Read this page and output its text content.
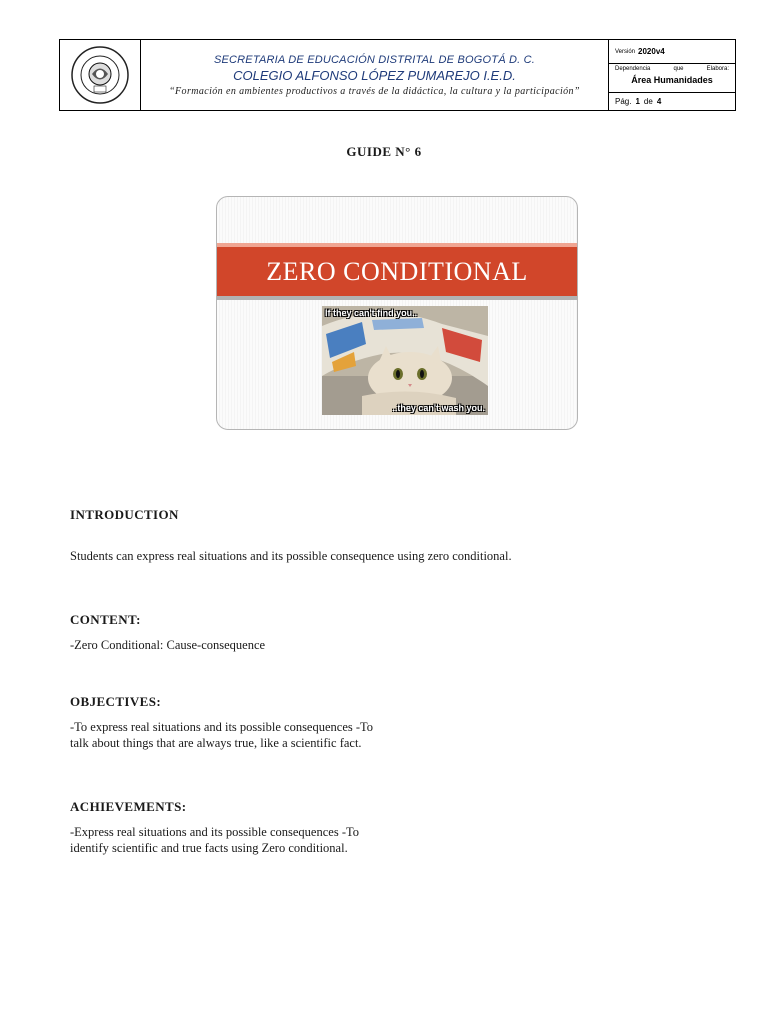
SECRETARIA DE EDUCACIÓN DISTRITAL DE BOGOTÁ D. C.
COLEGIO ALFONSO LÓPEZ PUMAREJO I.E.D.
“Formación en ambientes productivos a través de la didáctica, la cultura y la participación”
Versión 2020v4
Dependencia	que	Elabora:
Área Humanidades
Pág. 1 de 4
GUIDE N° 6
ZERO CONDITIONAL
If they can't find you..
..they can't wash you.
INTRODUCTION
Students can express real situations and its possible consequence using zero conditional.
CONTENT:
-Zero Conditional: Cause-consequence
OBJECTIVES:
-To express real situations and its possible consequences -To
talk about things that are always true, like a scientific fact.
ACHIEVEMENTS:
-Express real situations and its possible consequences -To
identify scientific and true facts using Zero conditional.
